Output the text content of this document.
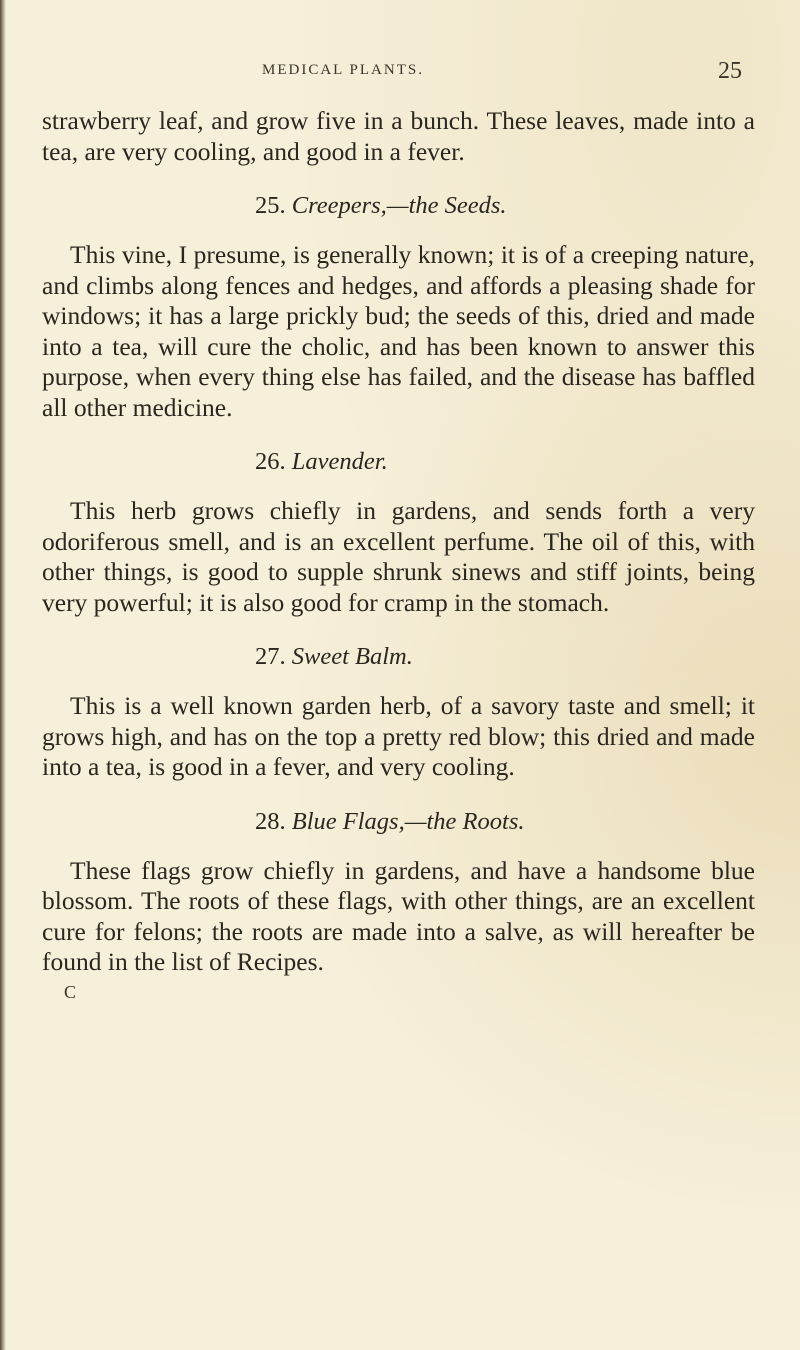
MEDICAL PLANTS.	25

strawberry leaf, and grow five in a bunch. These leaves, made into a tea, are very cooling, and good in a fever.

25. Creepers,—the Seeds.

This vine, I presume, is generally known; it is of a creeping nature, and climbs along fences and hedges, and affords a pleasing shade for windows; it has a large prickly bud; the seeds of this, dried and made into a tea, will cure the cholic, and has been known to answer this purpose, when every thing else has failed, and the disease has baffled all other medicine.

26. Lavender.

This herb grows chiefly in gardens, and sends forth a very odoriferous smell, and is an excellent perfume. The oil of this, with other things, is good to supple shrunk sinews and stiff joints, being very powerful; it is also good for cramp in the stomach.

27. Sweet Balm.

This is a well known garden herb, of a savory taste and smell; it grows high, and has on the top a pretty red blow; this dried and made into a tea, is good in a fever, and very cooling.

28. Blue Flags,—the Roots.

These flags grow chiefly in gardens, and have a handsome blue blossom. The roots of these flags, with other things, are an excellent cure for felons; the roots are made into a salve, as will hereafter be found in the list of Recipes.

C
